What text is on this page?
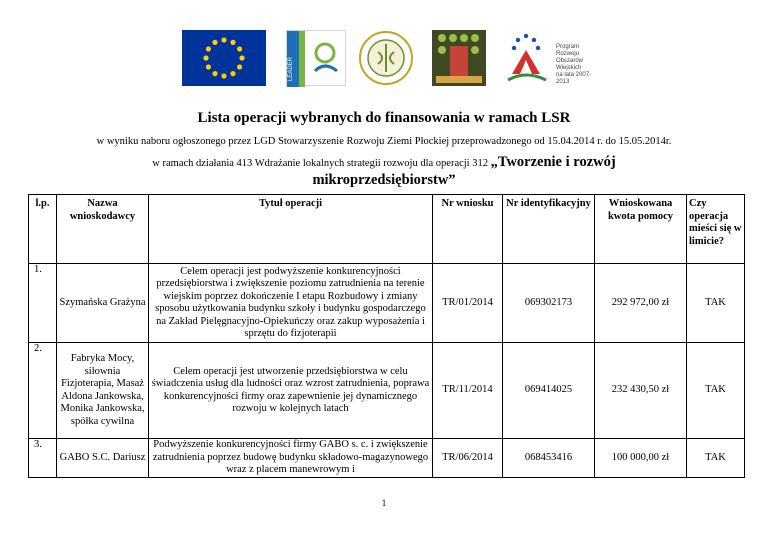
LEADER
Program
Rozwoju
Obszarów
Wiejskich
na lata 2007-2013
Lista operacji wybranych do finansowania w ramach LSR
w wyniku naboru ogłoszonego przez LGD Stowarzyszenie Rozwoju Ziemi Płockiej przeprowadzonego od 15.04.2014 r. do 15.05.2014r.
w ramach działania 413 Wdrażanie lokalnych strategii rozwoju dla operacji 312 „Tworzenie i rozwój
mikroprzedsiębiorstw”
l.p.	Nazwa wnioskodawcy	Tytuł operacji	Nr wniosku	Nr identyfikacyjny	Wnioskowana kwota pomocy	Czy operacja mieści się w limicie?
1.	Szymańska Grażyna	Celem operacji jest podwyższenie konkurencyjności przedsiębiorstwa i zwiększenie poziomu zatrudnienia na terenie wiejskim poprzez dokończenie I etapu Rozbudowy i zmiany sposobu użytkowania budynku szkoły i budynku gospodarczego na Zakład Pielęgnacyjno-Opiekuńczy oraz zakup wyposażenia i sprzętu do fizjoterapii	TR/01/2014	069302173	292 972,00 zł	TAK
2.	Fabryka Mocy, siłownia Fizjoterapia, Masaż Aldona Jankowska, Monika Jankowska, spółka cywilna	Celem operacji jest utworzenie przedsiębiorstwa w celu świadczenia usług dla ludności oraz wzrost zatrudnienia, poprawa konkurencyjności firmy oraz zapewnienie jej dynamicznego rozwoju w kolejnych latach	TR/11/2014	069414025	232 430,50 zł	TAK
3.	GABO S.C. Dariusz	Podwyższenie konkurencyjności firmy GABO s. c. i zwiększenie zatrudnienia poprzez budowę budynku składowo-magazynowego wraz z placem manewrowym i	TR/06/2014	068453416	100 000,00 zł	TAK
1
